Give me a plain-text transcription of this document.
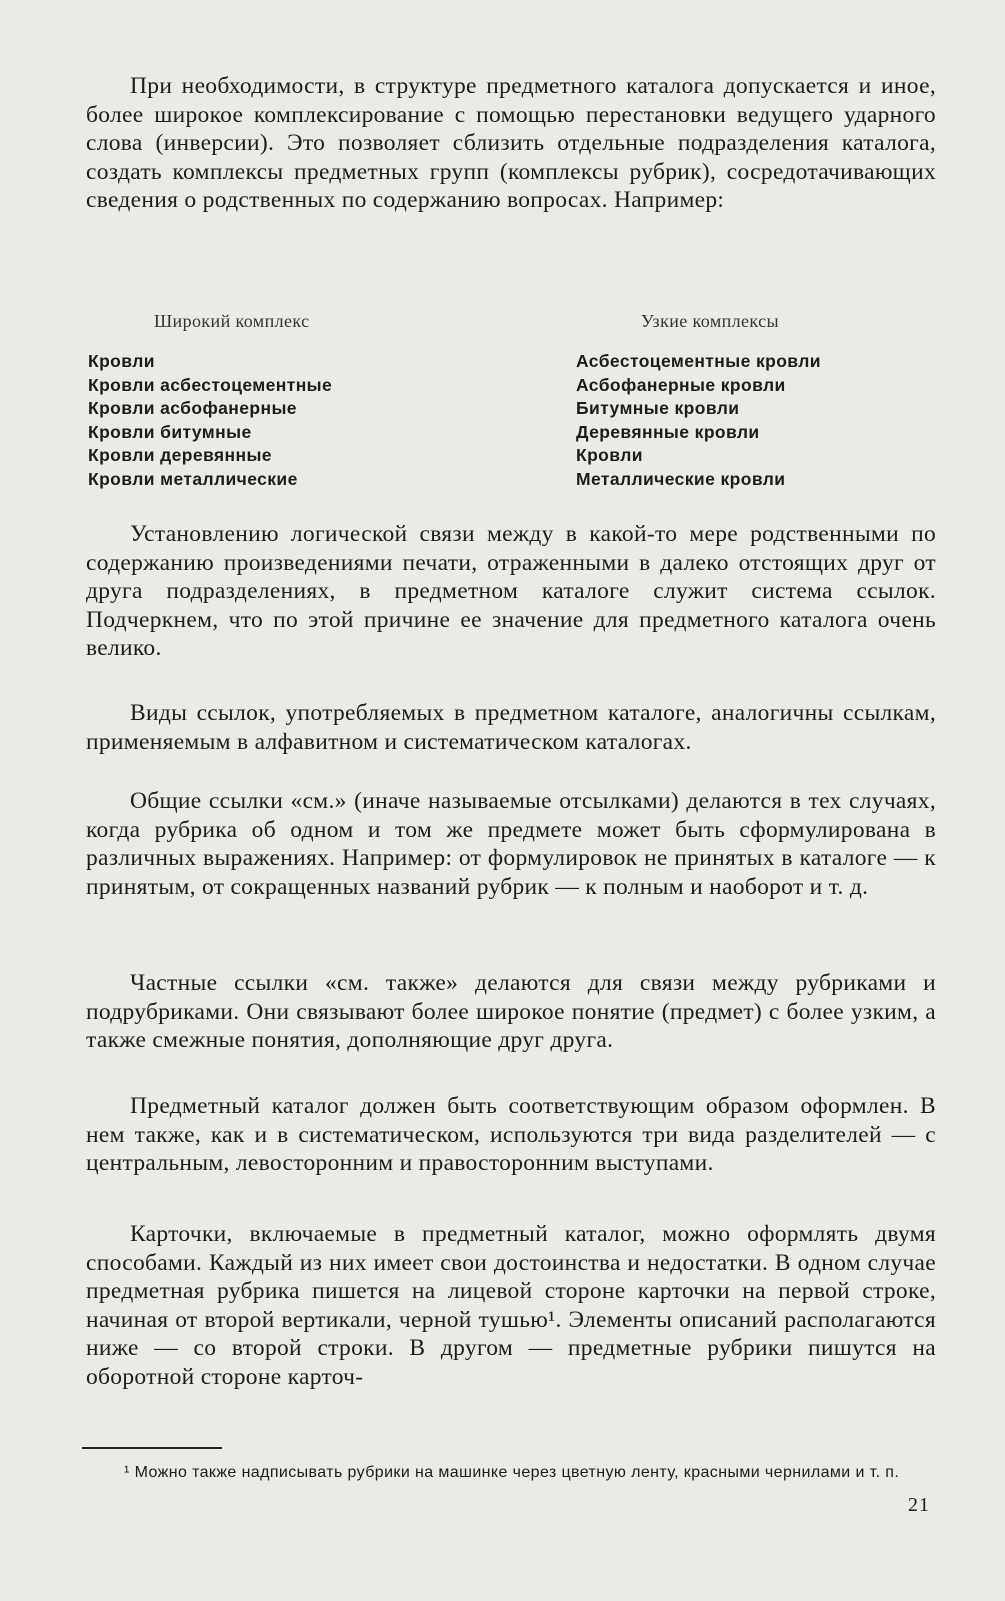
При необходимости, в структуре предметного каталога допускается и иное, более широкое комплексирование с помощью перестановки ведущего ударного слова (инверсии). Это позволяет сблизить отдельные подразделения каталога, создать комплексы предметных групп (комплексы рубрик), сосредотачивающих сведения о родственных по содержанию вопросах. Например:

Широкий комплекс	Узкие комплексы
Кровли
Кровли асбестоцементные
Кровли асбофанерные
Кровли битумные
Кровли деревянные
Кровли металлические
Асбестоцементные кровли
Асбофанерные кровли
Битумные кровли
Деревянные кровли
Кровли
Металлические кровли

Установлению логической связи между в какой-то мере родственными по содержанию произведениями печати, отраженными в далеко отстоящих друг от друга подразделениях, в предметном каталоге служит система ссылок. Подчеркнем, что по этой причине ее значение для предметного каталога очень велико.

Виды ссылок, употребляемых в предметном каталоге, аналогичны ссылкам, применяемым в алфавитном и систематическом каталогах.

Общие ссылки «см.» (иначе называемые отсылками) делаются в тех случаях, когда рубрика об одном и том же предмете может быть сформулирована в различных выражениях. Например: от формулировок не принятых в каталоге — к принятым, от сокращенных названий рубрик — к полным и наоборот и т. д.

Частные ссылки «см. также» делаются для связи между рубриками и подрубриками. Они связывают более широкое понятие (предмет) с более узким, а также смежные понятия, дополняющие друг друга.

Предметный каталог должен быть соответствующим образом оформлен. В нем также, как и в систематическом, используются три вида разделителей — с центральным, левосторонним и правосторонним выступами.

Карточки, включаемые в предметный каталог, можно оформлять двумя способами. Каждый из них имеет свои достоинства и недостатки. В одном случае предметная рубрика пишется на лицевой стороне карточки на первой строке, начиная от второй вертикали, черной тушью¹. Элементы описаний располагаются ниже — со второй строки. В другом — предметные рубрики пишутся на оборотной стороне карточ-

¹ Можно также надписывать рубрики на машинке через цветную ленту, красными чернилами и т. п.

21
